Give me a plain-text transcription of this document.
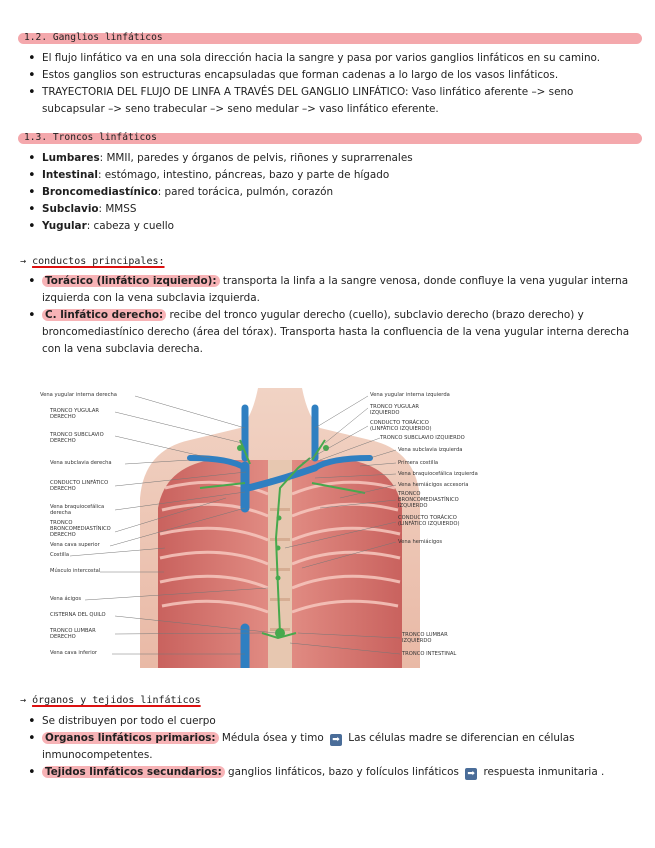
1.2. Ganglios linfáticos
• El flujo linfático va en una sola dirección hacia la sangre y pasa por varios ganglios linfáticos en su camino.
• Estos ganglios son estructuras encapsuladas que forman cadenas a lo largo de los vasos linfáticos.
• TRAYECTORIA DEL FLUJO DE LINFA A TRAVÉS DEL GANGLIO LINFÁTICO: Vaso linfático aferente –> seno subcapsular –> seno trabecular –> seno medular –> vaso linfático eferente.
1.3. Troncos linfáticos
• Lumbares: MMII, paredes y órganos de pelvis, riñones y suprarrenales
• Intestinal: estómago, intestino, páncreas, bazo y parte de hígado
• Broncomediastínico: pared torácica, pulmón, corazón
• Subclavio: MMSS
• Yugular: cabeza y cuello
→ conductos principales:
• Torácico (linfático izquierdo): transporta la linfa a la sangre venosa, donde confluye la vena yugular interna izquierda con la vena subclavia izquierda.
• C. linfático derecho: recibe del tronco yugular derecho (cuello), subclavio derecho (brazo derecho) y broncomediastínico derecho (área del tórax). Transporta hasta la confluencia de la vena yugular interna derecha con la vena subclavia derecha.
Vena yugular interna derecha
TRONCO YUGULAR
DERECHO
TRONCO SUBCLAVIO
DERECHO
Vena subclavia derecha
CONDUCTO LINFÁTICO
DERECHO
Vena braquiocefálica
derecha
TRONCO
BRONCOMEDIASTÍNICO
DERECHO
Vena cava superior
Costilla
Músculo intercostal
Vena ácigos
CISTERNA DEL QUILO
TRONCO LUMBAR
DERECHO
Vena cava inferior
Vena yugular interna izquierda
TRONCO YUGULAR
IZQUIERDO
CONDUCTO TORÁCICO
(LINFÁTICO IZQUIERDO)
TRONCO SUBCLAVIO IZQUIERDO
Vena subclavia izquierda
Primera costilla
Vena braquiocefálica izquierda
Vena hemiácigos accesoria
TRONCO
BRONCOMEDIASTÍNICO
IZQUIERDO
CONDUCTO TORÁCICO
(LINFÁTICO IZQUIERDO)
Vena hemiácigos
TRONCO LUMBAR
IZQUIERDO
TRONCO INTESTINAL
→ órganos y tejidos linfáticos
• Se distribuyen por todo el cuerpo
• Organos linfáticos primarios: Médula ósea y timo ➡ Las células madre se diferencian en células inmunocompetentes.
• Tejidos linfáticos secundarios: ganglios linfáticos, bazo y folículos linfáticos ➡ respuesta inmunitaria .
